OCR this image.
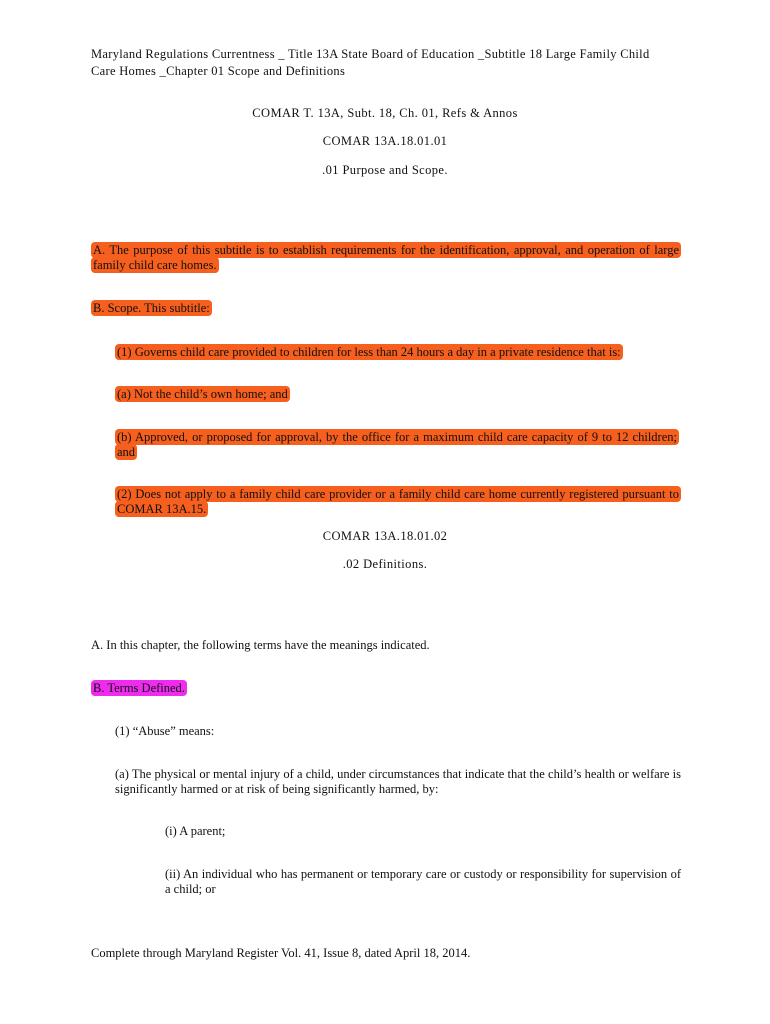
Maryland Regulations Currentness _ Title 13A State Board of Education _Subtitle 18 Large Family Child
Care Homes _Chapter 01 Scope and Definitions
COMAR T. 13A, Subt. 18, Ch. 01, Refs & Annos
COMAR 13A.18.01.01
.01 Purpose and Scope.
A. The purpose of this subtitle is to establish requirements for the identification, approval, and operation of large family child care homes.
B. Scope. This subtitle:
(1) Governs child care provided to children for less than 24 hours a day in a private residence that is:
(a) Not the child’s own home; and
(b) Approved, or proposed for approval, by the office for a maximum child care capacity of 9 to 12 children; and
(2) Does not apply to a family child care provider or a family child care home currently registered pursuant to COMAR 13A.15.
COMAR 13A.18.01.02
.02 Definitions.
A. In this chapter, the following terms have the meanings indicated.
B. Terms Defined.
(1) “Abuse” means:
(a) The physical or mental injury of a child, under circumstances that indicate that the child’s health or welfare is significantly harmed or at risk of being significantly harmed, by:
(i) A parent;
(ii) An individual who has permanent or temporary care or custody or responsibility for supervision of a child; or
Complete through Maryland Register Vol. 41, Issue 8, dated April 18, 2014.
